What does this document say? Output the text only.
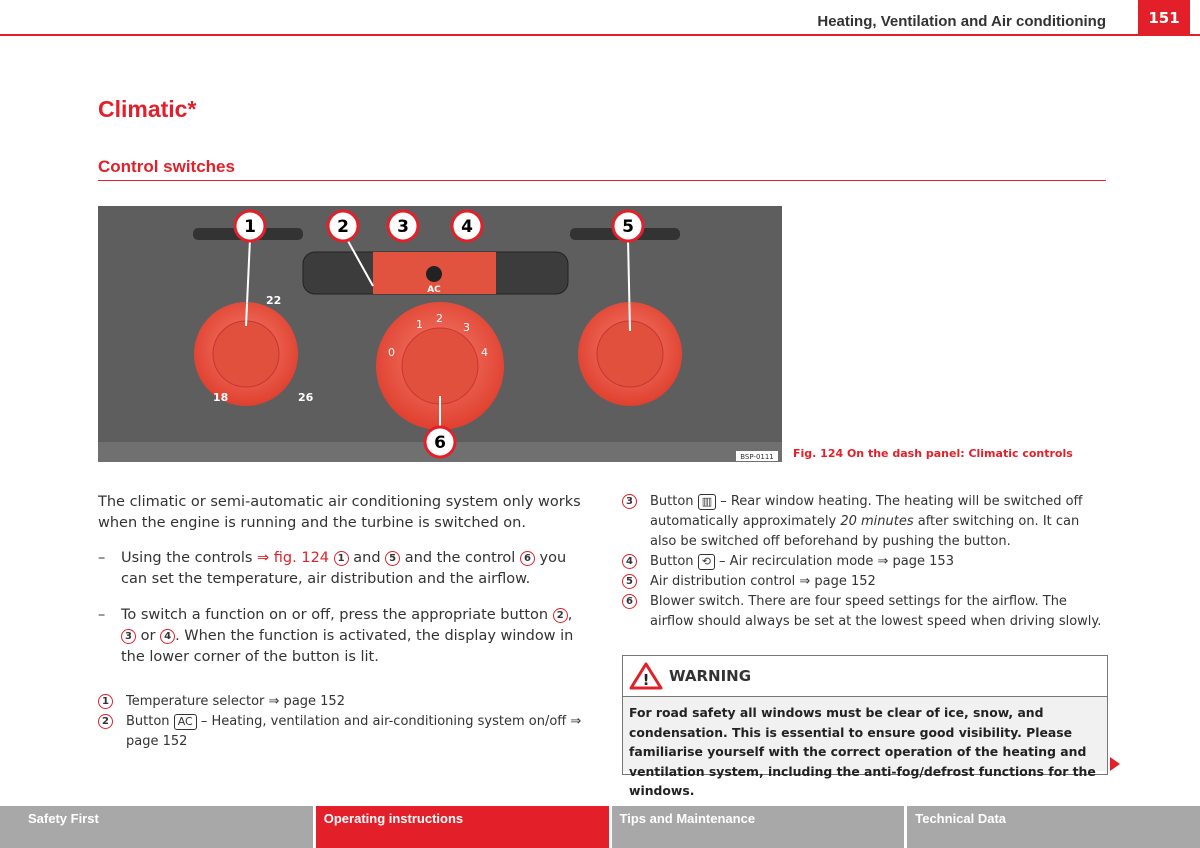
Heating, Ventilation and Air conditioning	151
Climatic*
Control switches
AC
22
18	26
0
1 2
3
4
1	2	3	4	5
6
BSP-0111 Fig. 124 On the dash panel: Climatic controls
The climatic or semi-automatic air conditioning system only works when the engine is running and the turbine is switched on.
– Using the controls ⇒ fig. 124 1 and 5 and the control 6 you can set the temperature, air distribution and the airflow.
– To switch a function on or off, press the appropriate button 2 ,
3 or 4 . When the function is activated, the display window in the lower corner of the button is lit.
1	Temperature selector ⇒ page 152
2	Button AC – Heating, ventilation and air-conditioning system on/off ⇒ page 152
3	Button ▥ – Rear window heating. The heating will be switched off automatically approximately 20 minutes after switching on. It can also be switched off beforehand by pushing the button.
4	Button ⟲ – Air recirculation mode ⇒ page 153
5	Air distribution control ⇒ page 152
6	Blower switch. There are four speed settings for the airflow. The airflow should always be set at the lowest speed when driving slowly.
! WARNING
For road safety all windows must be clear of ice, snow, and condensation. This is essential to ensure good visibility. Please familiarise yourself with the correct operation of the heating and ventilation system, including the anti-fog/defrost functions for the windows.
Safety First	Operating instructions	Tips and Maintenance	Technical Data
